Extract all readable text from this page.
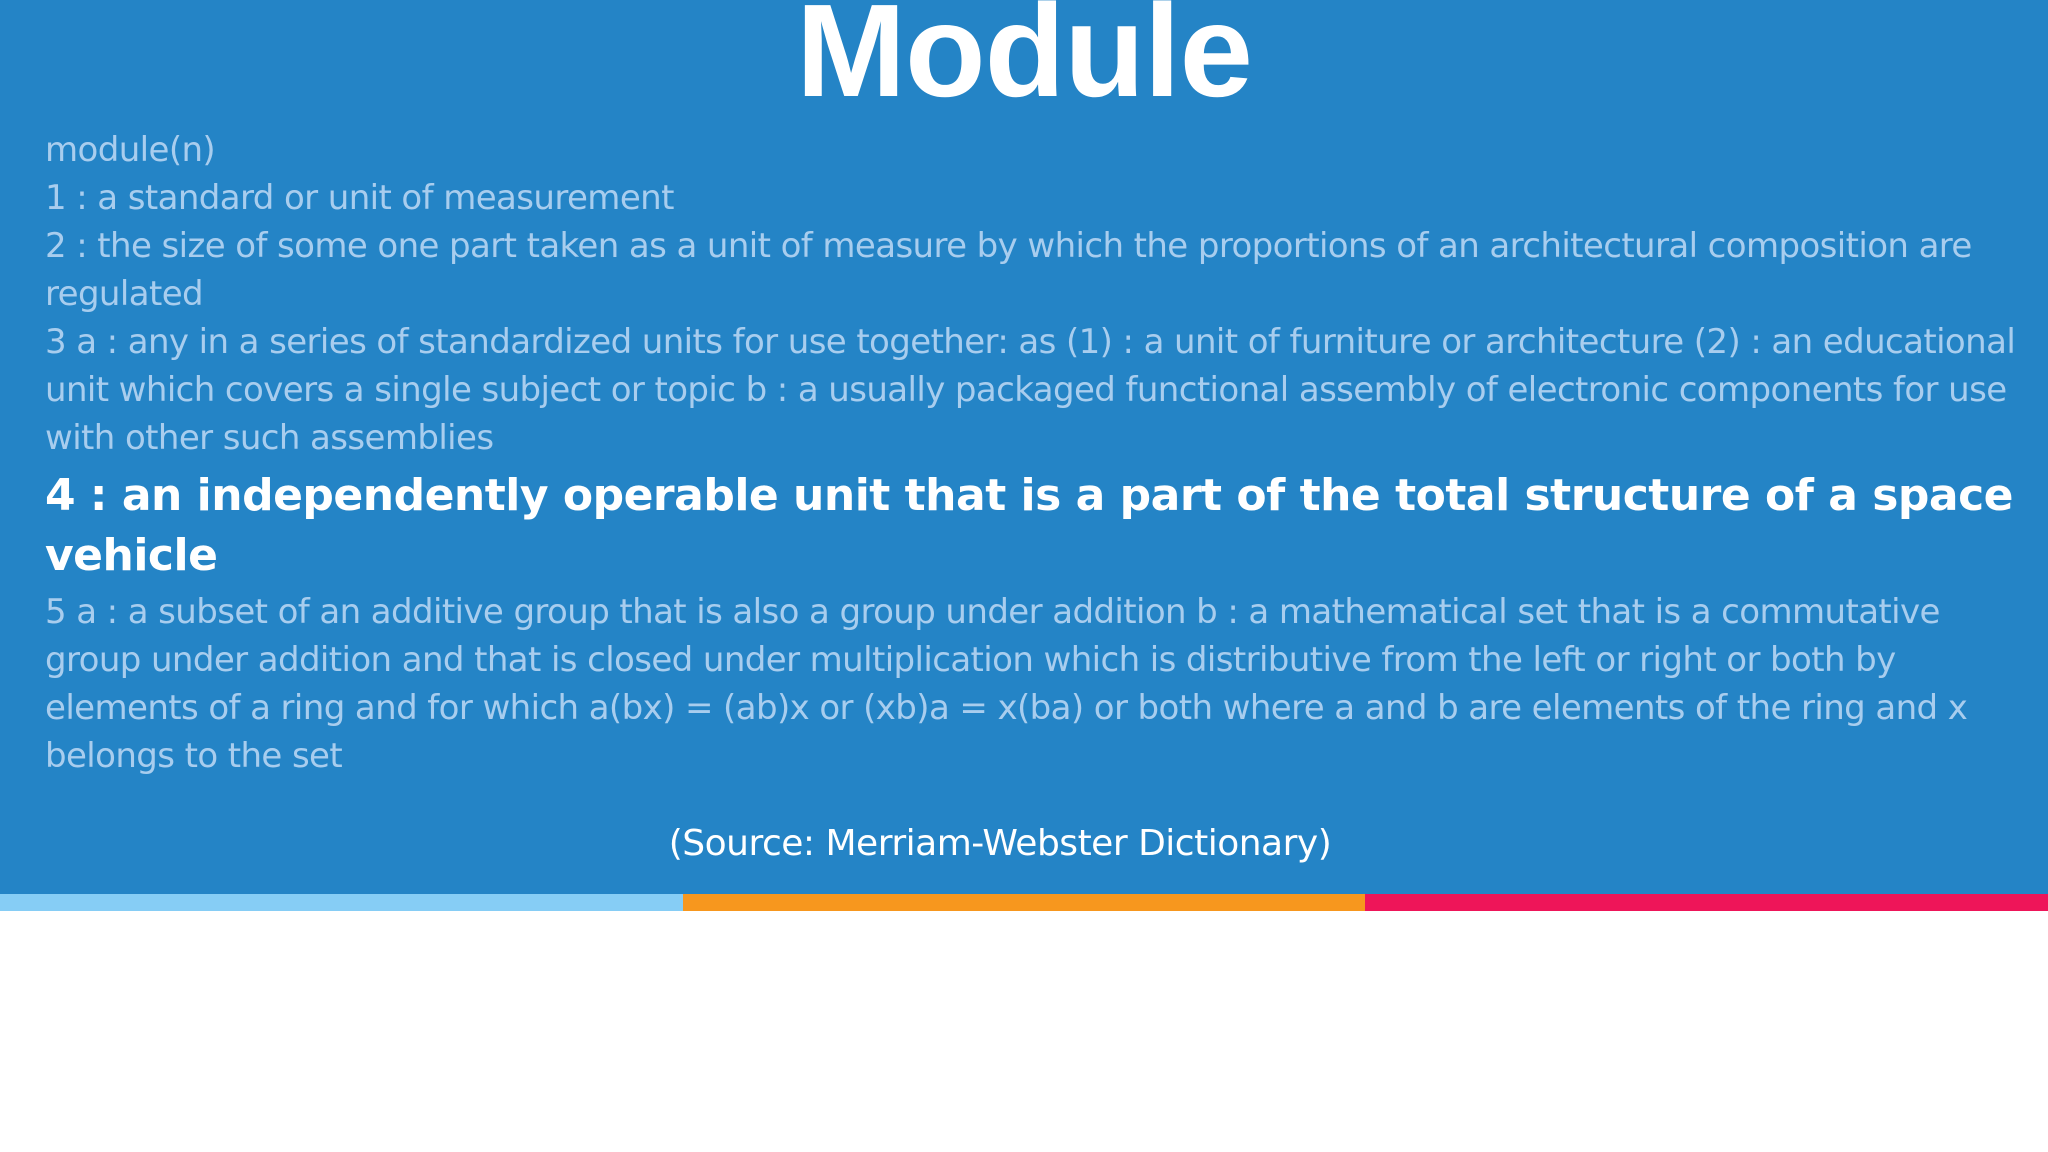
Module

module(n)

1 : a standard or unit of measurement

2 : the size of some one part taken as a unit of measure by which the proportions of an architectural composition are regulated

3 a : any in a series of standardized units for use together: as (1) : a unit of furniture or architecture (2) : an educational unit which covers a single subject or topic b : a usually packaged functional assembly of electronic components for use with other such assemblies

4 : an independently operable unit that is a part of the total structure of a space vehicle

5 a : a subset of an additive group that is also a group under addition b : a mathematical set that is a commutative group under addition and that is closed under multiplication which is distributive from the left or right or both by elements of a ring and for which a(bx) = (ab)x or (xb)a = x(ba) or both where a and b are elements of the ring and x belongs to the set

(Source: Merriam-Webster Dictionary)
